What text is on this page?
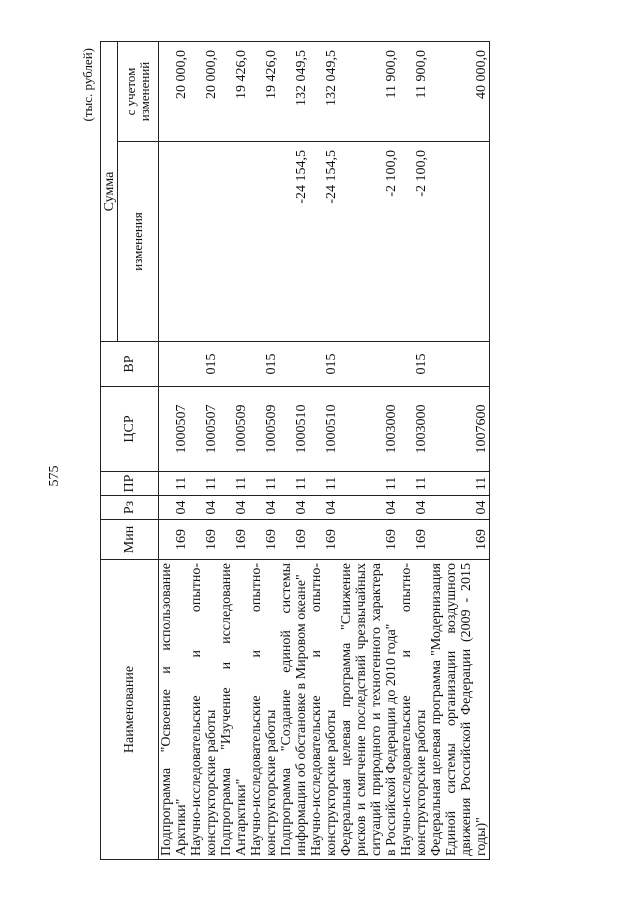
575
(тыс. рублей)
Наименование	Мин	Рз	ПР	ЦСР	ВР	Сумма	
						изменения	с учетом изменений
Подпрограмма "Освоение и использование Арктики"	169	04	11	1000507			20 000,0
Научно-исследовательские и опытно-конструкторские работы	169	04	11	1000507	015		20 000,0
Подпрограмма "Изучение и исследование Антарктики"	169	04	11	1000509			19 426,0
Научно-исследовательские и опытно-конструкторские работы	169	04	11	1000509	015		19 426,0
Подпрограмма "Создание единой системы информации об обстановке в Мировом океане"	169	04	11	1000510		-24 154,5	132 049,5
Научно-исследовательские и опытно-конструкторские работы	169	04	11	1000510	015	-24 154,5	132 049,5
Федеральная целевая программа "Снижение рисков и смягчение последствий чрезвычайных ситуаций природного и техногенного характера в Российской Федерации до 2010 года"	169	04	11	1003000		-2 100,0	11 900,0
Научно-исследовательские и опытно-конструкторские работы	169	04	11	1003000	015	-2 100,0	11 900,0
Федеральная целевая программа "Модернизация Единой системы организации воздушного движения Российской Федерации (2009 - 2015 годы)"	169	04	11	1007600			40 000,0
